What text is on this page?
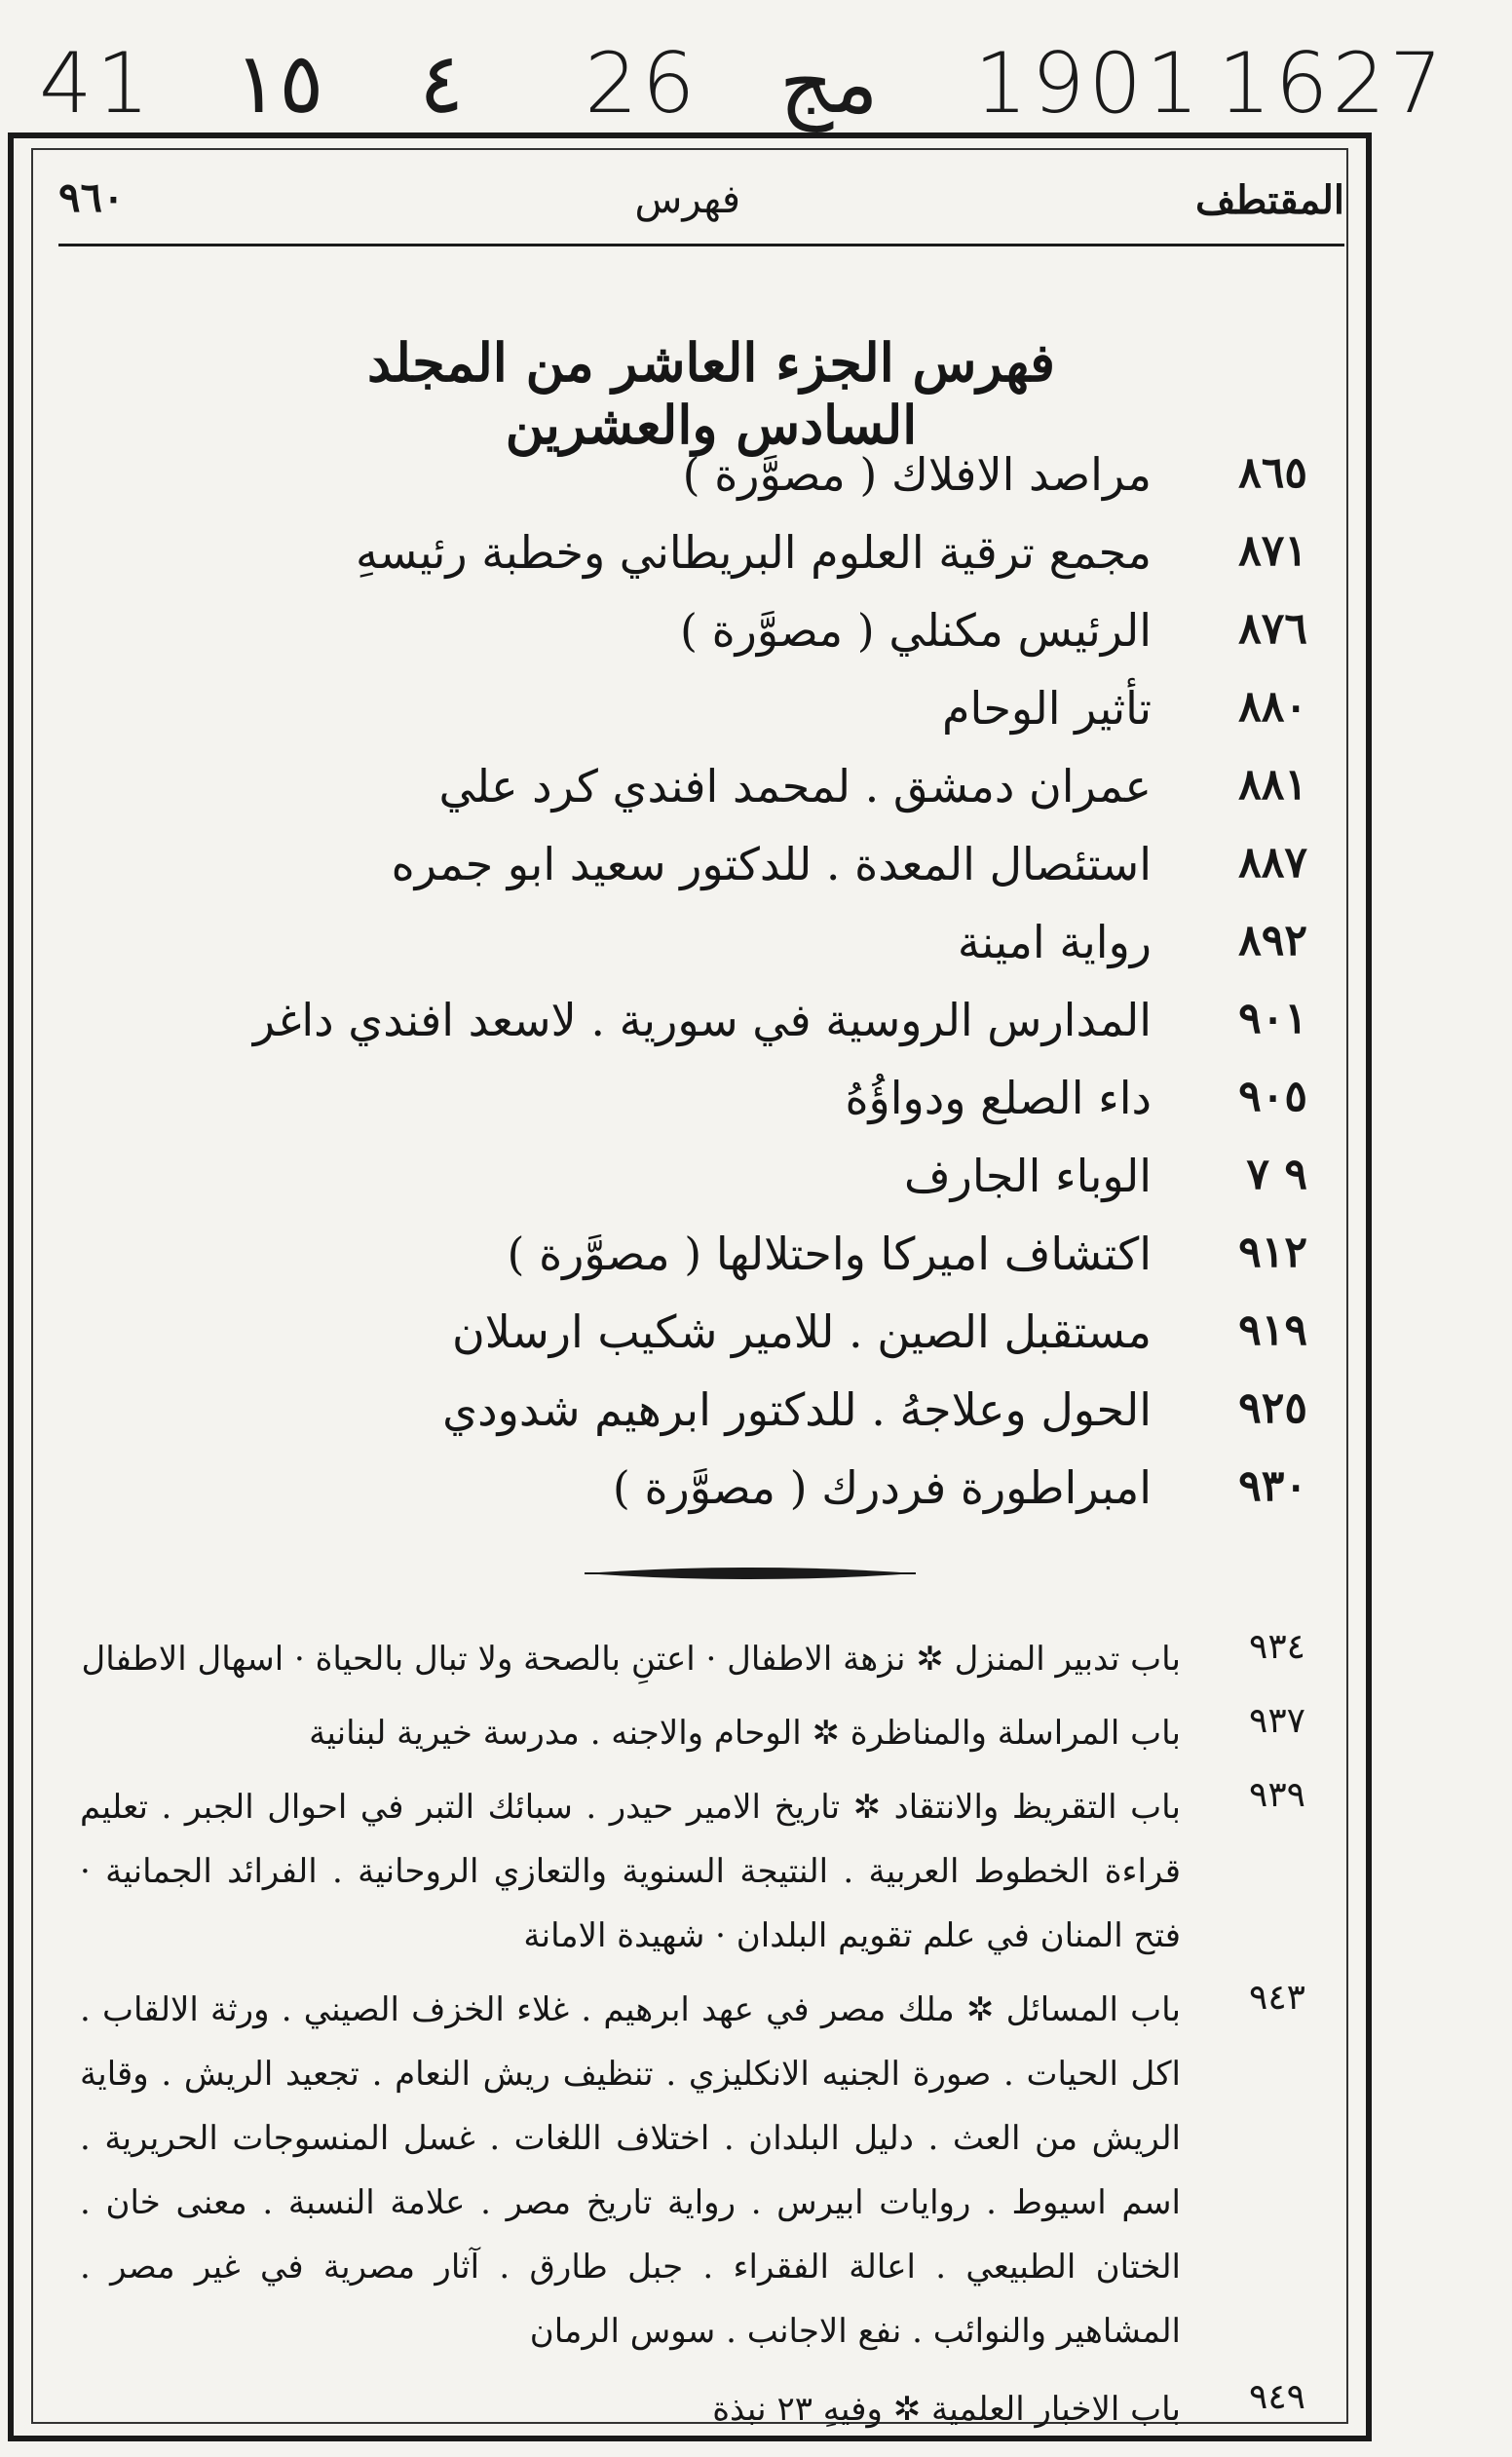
41 ١٥ ٤ 26 مج 1901 1627
المقتطف
فهرس
٩٦٠
فهرس الجزء العاشر من المجلد السادس والعشرين
٨٦٥
مراصد الافلاك ( مصوَّرة )
٨٧١
مجمع ترقية العلوم البريطاني وخطبة رئيسهِ
٨٧٦
الرئيس مكنلي ( مصوَّرة )
٨٨٠
تأثير الوحام
٨٨١
عمران دمشق . لمحمد افندي كرد علي
٨٨٧
استئصال المعدة . للدكتور سعيد ابو جمره
٨٩٢
رواية امينة
٩٠١
المدارس الروسية في سورية . لاسعد افندي داغر
٩٠٥
داء الصلع ودواؤُهُ
٩ ٧
الوباء الجارف
٩١٢
اكتشاف اميركا واحتلالها ( مصوَّرة )
٩١٩
مستقبل الصين . للامير شكيب ارسلان
٩٢٥
الحول وعلاجهُ . للدكتور ابرهيم شدودي
٩٣٠
امبراطورة فردرك ( مصوَّرة )
٩٣٤
باب تدبير المنزل ✲ نزهة الاطفال · اعتنِ بالصحة ولا تبال بالحياة · اسهال الاطفال
٩٣٧
باب المراسلة والمناظرة ✲ الوحام والاجنه . مدرسة خيرية لبنانية
٩٣٩
باب التقريظ والانتقاد ✲ تاريخ الامير حيدر . سبائك التبر في احوال الجبر . تعليم قراءة الخطوط العربية . النتيجة السنوية والتعازي الروحانية . الفرائد الجمانية · فتح المنان في علم تقويم البلدان · شهيدة الامانة
٩٤٣
باب المسائل ✲ ملك مصر في عهد ابرهيم . غلاء الخزف الصيني . ورثة الالقاب . اكل الحيات . صورة الجنيه الانكليزي . تنظيف ريش النعام . تجعيد الريش . وقاية الريش من العث . دليل البلدان . اختلاف اللغات . غسل المنسوجات الحريرية . اسم اسيوط . روايات ابيرس . رواية تاريخ مصر . علامة النسبة . معنى خان . الختان الطبيعي . اعالة الفقراء . جبل طارق . آثار مصرية في غير مصر . المشاهير والنوائب . نفع الاجانب . سوس الرمان
٩٤٩
باب الاخبار العلمية ✲ وفيهِ ٢٣ نبذة
